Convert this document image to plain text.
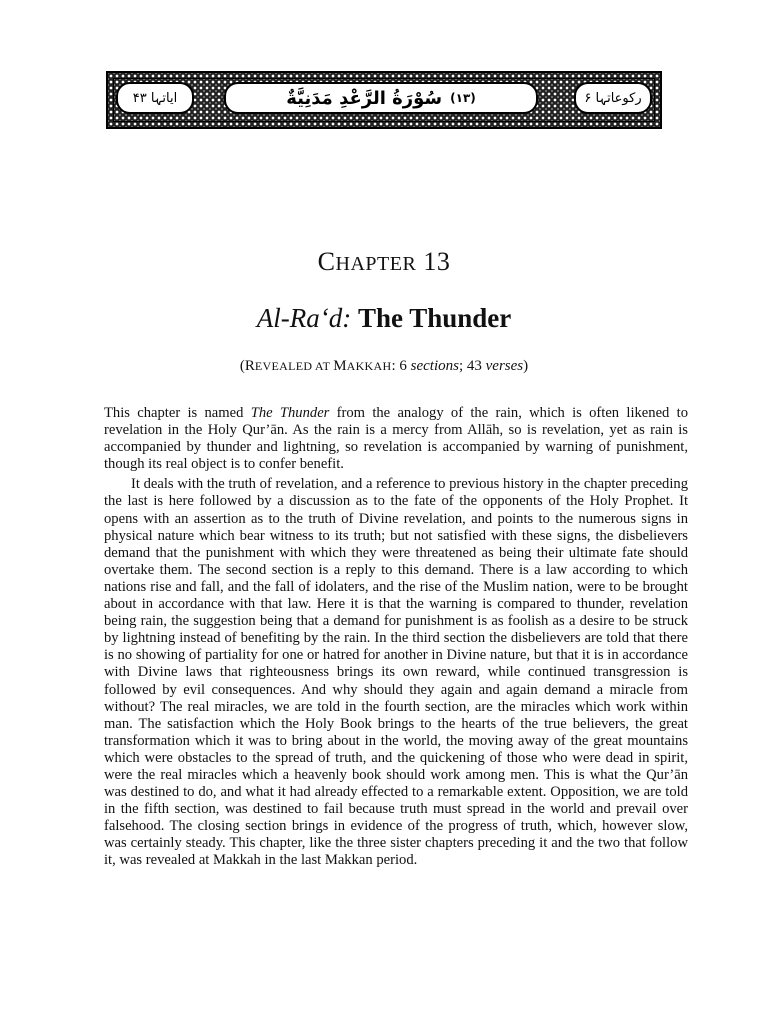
ایاتہا ۴۳	سُوْرَةُ الرَّعْدِ مَدَنِيَّةٌ (١٣)	رکوعاتہا ۶
CHAPTER 13
Al-Ra‘d: The Thunder
(REVEALED AT MAKKAH: 6 sections; 43 verses)

This chapter is named The Thunder from the analogy of the rain, which is often likened to revelation in the Holy Qur’ān. As the rain is a mercy from Allāh, so is revelation, yet as rain is accompanied by thunder and lightning, so revelation is accompanied by warning of punishment, though its real object is to confer benefit.

It deals with the truth of revelation, and a reference to previous history in the chapter preceding the last is here followed by a discussion as to the fate of the opponents of the Holy Prophet. It opens with an assertion as to the truth of Divine revelation, and points to the numerous signs in physical nature which bear witness to its truth; but not satisfied with these signs, the disbelievers demand that the punishment with which they were threatened as being their ultimate fate should overtake them. The second section is a reply to this demand. There is a law according to which nations rise and fall, and the fall of idolaters, and the rise of the Muslim nation, were to be brought about in accordance with that law. Here it is that the warning is compared to thunder, revelation being rain, the suggestion being that a demand for punishment is as foolish as a desire to be struck by lightning instead of benefiting by the rain. In the third section the disbelievers are told that there is no showing of partiality for one or hatred for another in Divine nature, but that it is in accordance with Divine laws that righteousness brings its own reward, while continued transgression is followed by evil consequences. And why should they again and again demand a miracle from without? The real miracles, we are told in the fourth section, are the miracles which work within man. The satisfaction which the Holy Book brings to the hearts of the true believers, the great transformation which it was to bring about in the world, the moving away of the great mountains which were obstacles to the spread of truth, and the quickening of those who were dead in spirit, were the real miracles which a heavenly book should work among men. This is what the Qur’ān was destined to do, and what it had already effected to a remarkable extent. Opposition, we are told in the fifth section, was destined to fail because truth must spread in the world and prevail over falsehood. The closing section brings in evidence of the progress of truth, which, however slow, was certainly steady. This chapter, like the three sister chapters preceding it and the two that follow it, was revealed at Makkah in the last Makkan period.
